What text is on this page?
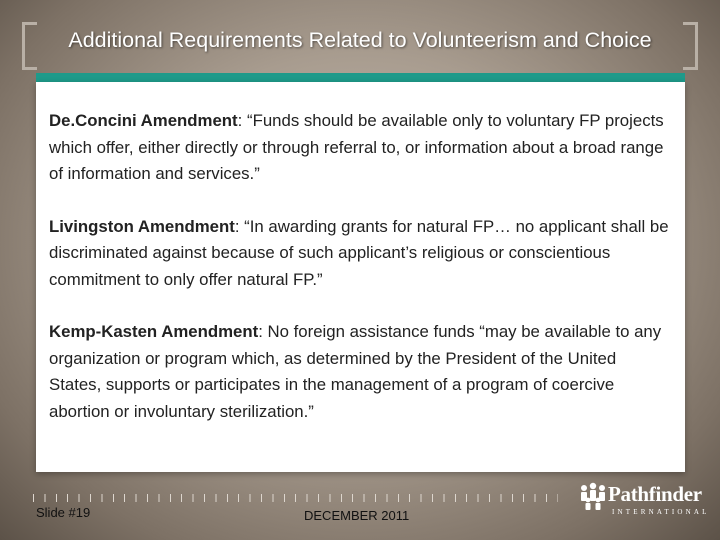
Additional Requirements Related to Volunteerism and Choice

De.Concini Amendment: “Funds should be available only to voluntary FP projects which offer, either directly or through referral to, or information about a broad range of information and services.”

Livingston Amendment: “In awarding grants for natural FP… no applicant shall be discriminated against because of such applicant’s religious or conscientious commitment to only offer natural FP.”

Kemp-Kasten Amendment: No foreign assistance funds “may be available to any organization or program which, as determined by the President of the United States, supports or participates in the management of a program of coercive abortion or involuntary sterilization.”

Slide #19	DECEMBER 2011
Pathfinder
INTERNATIONAL
